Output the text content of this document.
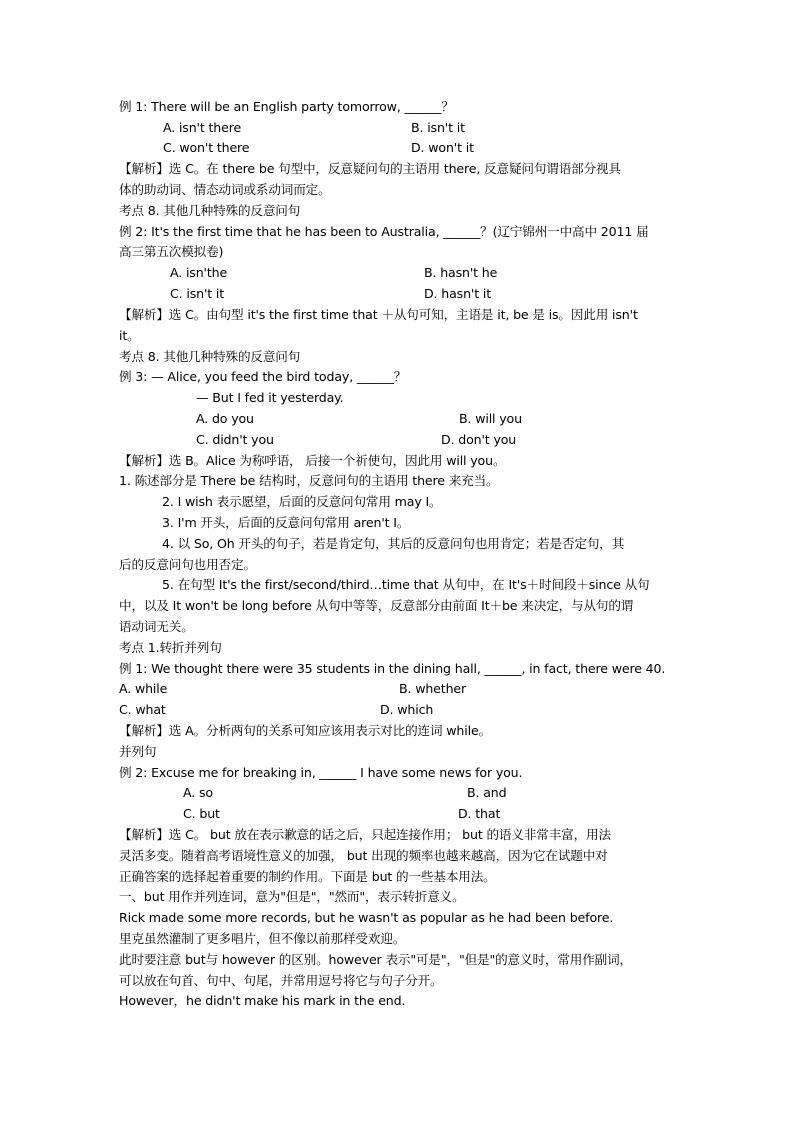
例 1: There will be an English party tomorrow, ______？
A. isn't there	B. isn't it
C. won't there	D. won't it
【解析】选 C。在 there be 句型中，反意疑问句的主语用 there, 反意疑问句谓语部分视具
体的助动词、情态动词或系动词而定。
考点 8. 其他几种特殊的反意问句
例 2: It's the first time that he has been to Australia, ______？(辽宁锦州一中高中 2011 届
高三第五次模拟卷)
A. isn'the	B. hasn't he
C. isn't it	D. hasn't it
【解析】选 C。由句型 it's the first time that ＋从句可知，主语是 it, be 是 is。因此用 isn't
it。
考点 8. 其他几种特殊的反意问句
例 3: — Alice, you feed the bird today, ______？
— But I fed it yesterday.
A. do you	B. will you
C. didn't you	D. don't you
【解析】选 B。Alice 为称呼语， 后接一个祈使句，因此用 will you。
1. 陈述部分是 There be 结构时，反意问句的主语用 there 来充当。
2. I wish 表示愿望，后面的反意问句常用 may I。
3. I'm 开头，后面的反意问句常用 aren't I。
4. 以 So, Oh 开头的句子，若是肯定句，其后的反意问句也用肯定；若是否定句，其
后的反意问句也用否定。
5. 在句型 It's the first/second/third…time that 从句中，在 It's＋时间段＋since 从句
中，以及 It won't be long before 从句中等等，反意部分由前面 It＋be 来决定，与从句的谓
语动词无关。
考点 1.转折并列句
例 1: We thought there were 35 students in the dining hall, ______, in fact, there were 40.
A. while	B. whether
C. what	D. which
【解析】选 A。分析两句的关系可知应该用表示对比的连词 while。
并列句
例 2: Excuse me for breaking in, ______ I have some news for you.
A. so	B. and
C. but	D. that
【解析】选 C。 but 放在表示歉意的话之后，只起连接作用； but 的语义非常丰富，用法
灵活多变。随着高考语境性意义的加强， but 出现的频率也越来越高，因为它在试题中对
正确答案的选择起着重要的制约作用。下面是 but 的一些基本用法。
一、but 用作并列连词，意为"但是"，"然而"，表示转折意义。
Rick made some more records, but he wasn't as popular as he had been before.
里克虽然灌制了更多唱片，但不像以前那样受欢迎。
此时要注意 but与 however 的区别。however 表示"可是"，"但是"的意义时，常用作副词，
可以放在句首、句中、句尾，并常用逗号将它与句子分开。
However，he didn't make his mark in the end.
